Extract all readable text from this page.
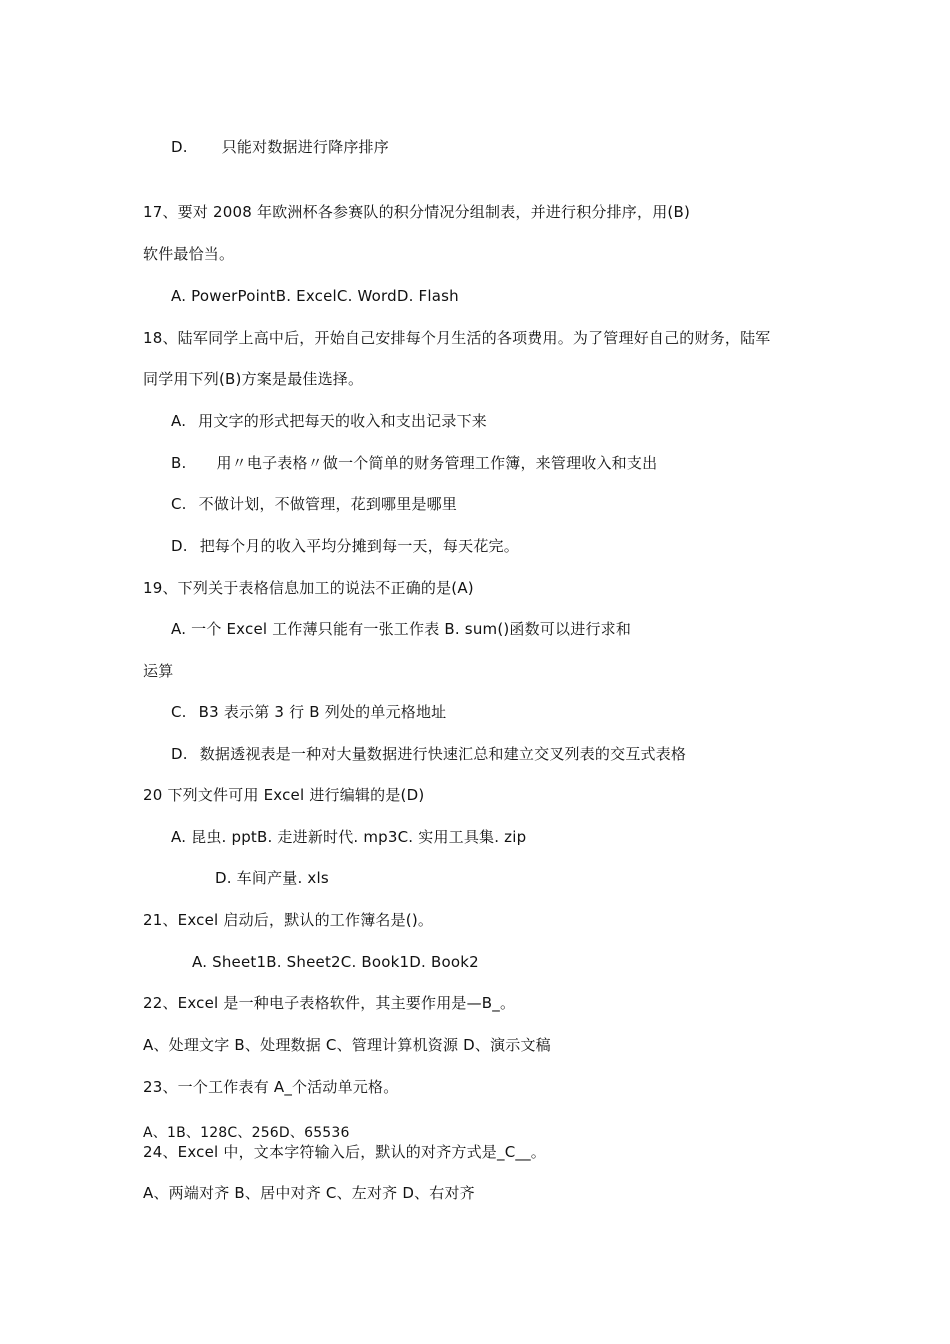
D. 只能对数据进行降序排序
17、要对 2008 年欧洲杯各参赛队的积分情况分组制表，并进行积分排序，用(B)
软件最恰当。
A. PowerPointB. ExcelC. WordD. Flash
18、陆军同学上高中后，开始自己安排每个月生活的各项费用。为了管理好自己的财务，陆军
同学用下列(B)方案是最佳选择。
A. 用文字的形式把每天的收入和支出记录下来
B. 用〃电子表格〃做一个简单的财务管理工作簿，来管理收入和支出
C. 不做计划，不做管理，花到哪里是哪里
D. 把每个月的收入平均分摊到每一天，每天花完。
19、下列关于表格信息加工的说法不正确的是(A)
A. 一个 Excel 工作薄只能有一张工作表 B. sum()函数可以进行求和
运算
C. B3 表示第 3 行 B 列处的单元格地址
D. 数据透视表是一种对大量数据进行快速汇总和建立交叉列表的交互式表格
20 下列文件可用 Excel 进行编辑的是(D)
A. 昆虫. pptB. 走进新时代. mp3C. 实用工具集. zip
D. 车间产量. xls
21、Excel 启动后，默认的工作簿名是()。
A. Sheet1B. Sheet2C. Book1D. Book2
22、Excel 是一种电子表格软件，其主要作用是—B_。
A、处理文字 B、处理数据 C、管理计算机资源 D、演示文稿
23、一个工作表有 A_个活动单元格。
A、1B、128C、256D、65536
24、Excel 中，文本字符输入后，默认的对齐方式是_C__。
A、两端对齐 B、居中对齐 C、左对齐 D、右对齐
